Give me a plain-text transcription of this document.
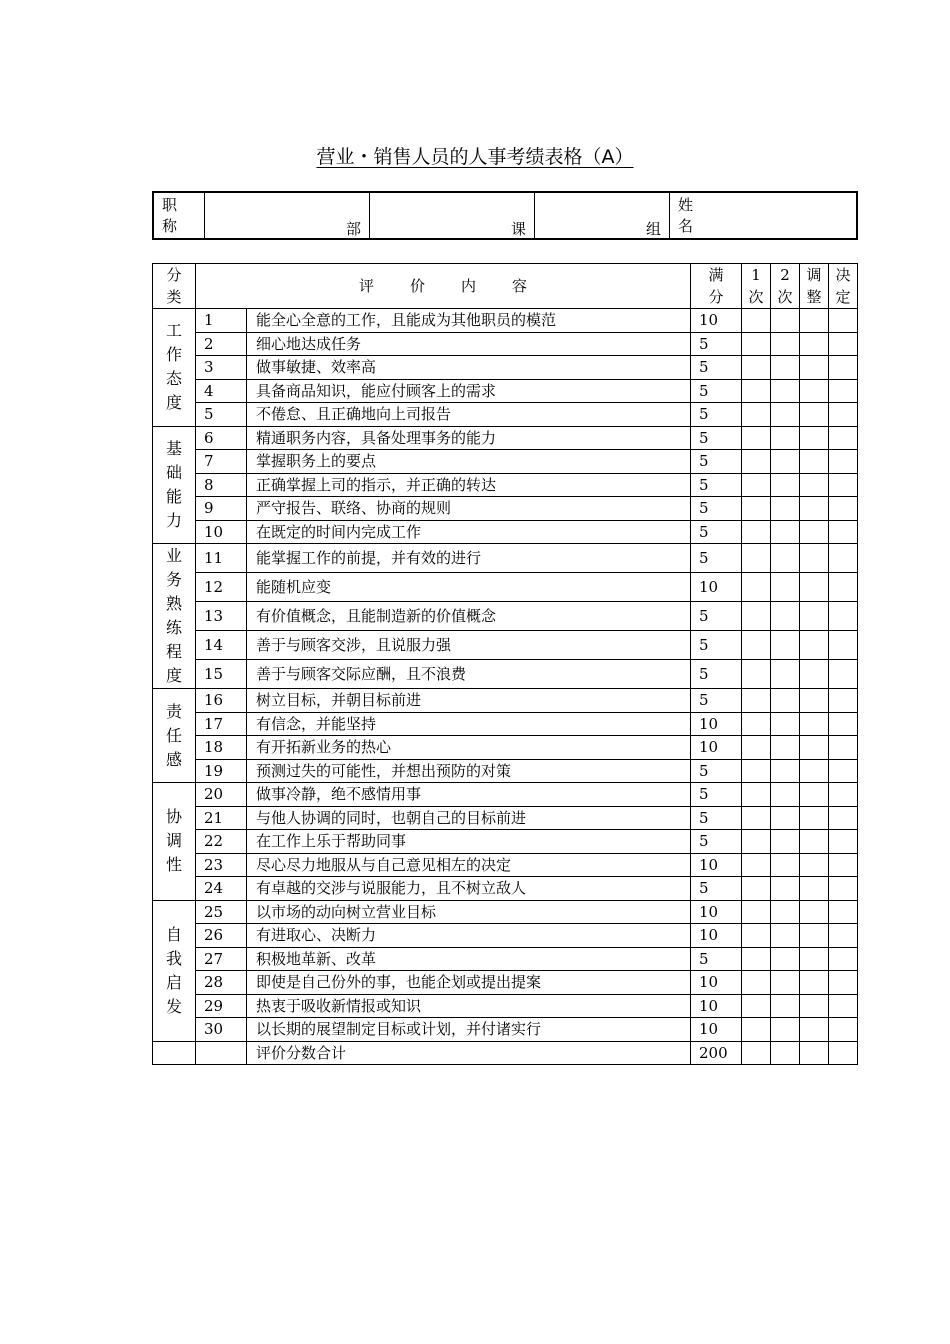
营业・销售人员的人事考绩表格（A）
职称	部	课	组	
姓名
分类	评价内容		满分	1次	2次	调整	决定

工作态度	1	能全心全意的工作，且能成为其他职员的模范	10				
	2	细心地达成任务	5				
	3	做事敏捷、效率高	5				
	4	具备商品知识，能应付顾客上的需求	5				
	5	不倦怠、且正确地向上司报告	5				

基础能力	6	精通职务内容，具备处理事务的能力	5				
	7	掌握职务上的要点	5				
	8	正确掌握上司的指示，并正确的转达	5				
	9	严守报告、联络、协商的规则	5				
	10	在既定的时间内完成工作	5				

业务熟练程度	11	能掌握工作的前提，并有效的进行	5				
	12	能随机应变	10				
	13	有价值概念，且能制造新的价值概念	5				
	14	善于与顾客交涉，且说服力强	5				
	15	善于与顾客交际应酬，且不浪费	5				

责任感	16	树立目标，并朝目标前进	5				
	17	有信念，并能坚持	10				
	18	有开拓新业务的热心	10				
	19	预测过失的可能性，并想出预防的对策	5				

协调性	20	做事冷静，绝不感情用事	5				
	21	与他人协调的同时，也朝自己的目标前进	5				
	22	在工作上乐于帮助同事	5				
	23	尽心尽力地服从与自己意见相左的决定	10				
	24	有卓越的交涉与说服能力，且不树立敌人	5				

自我启发	25	以市场的动向树立营业目标	10				
	26	有进取心、决断力	10				
	27	积极地革新、改革	5				
	28	即使是自己份外的事，也能企划或提出提案	10				
	29	热衷于吸收新情报或知识	10				
	30	以长期的展望制定目标或计划，并付诸实行	10				
		评价分数合计	200				
